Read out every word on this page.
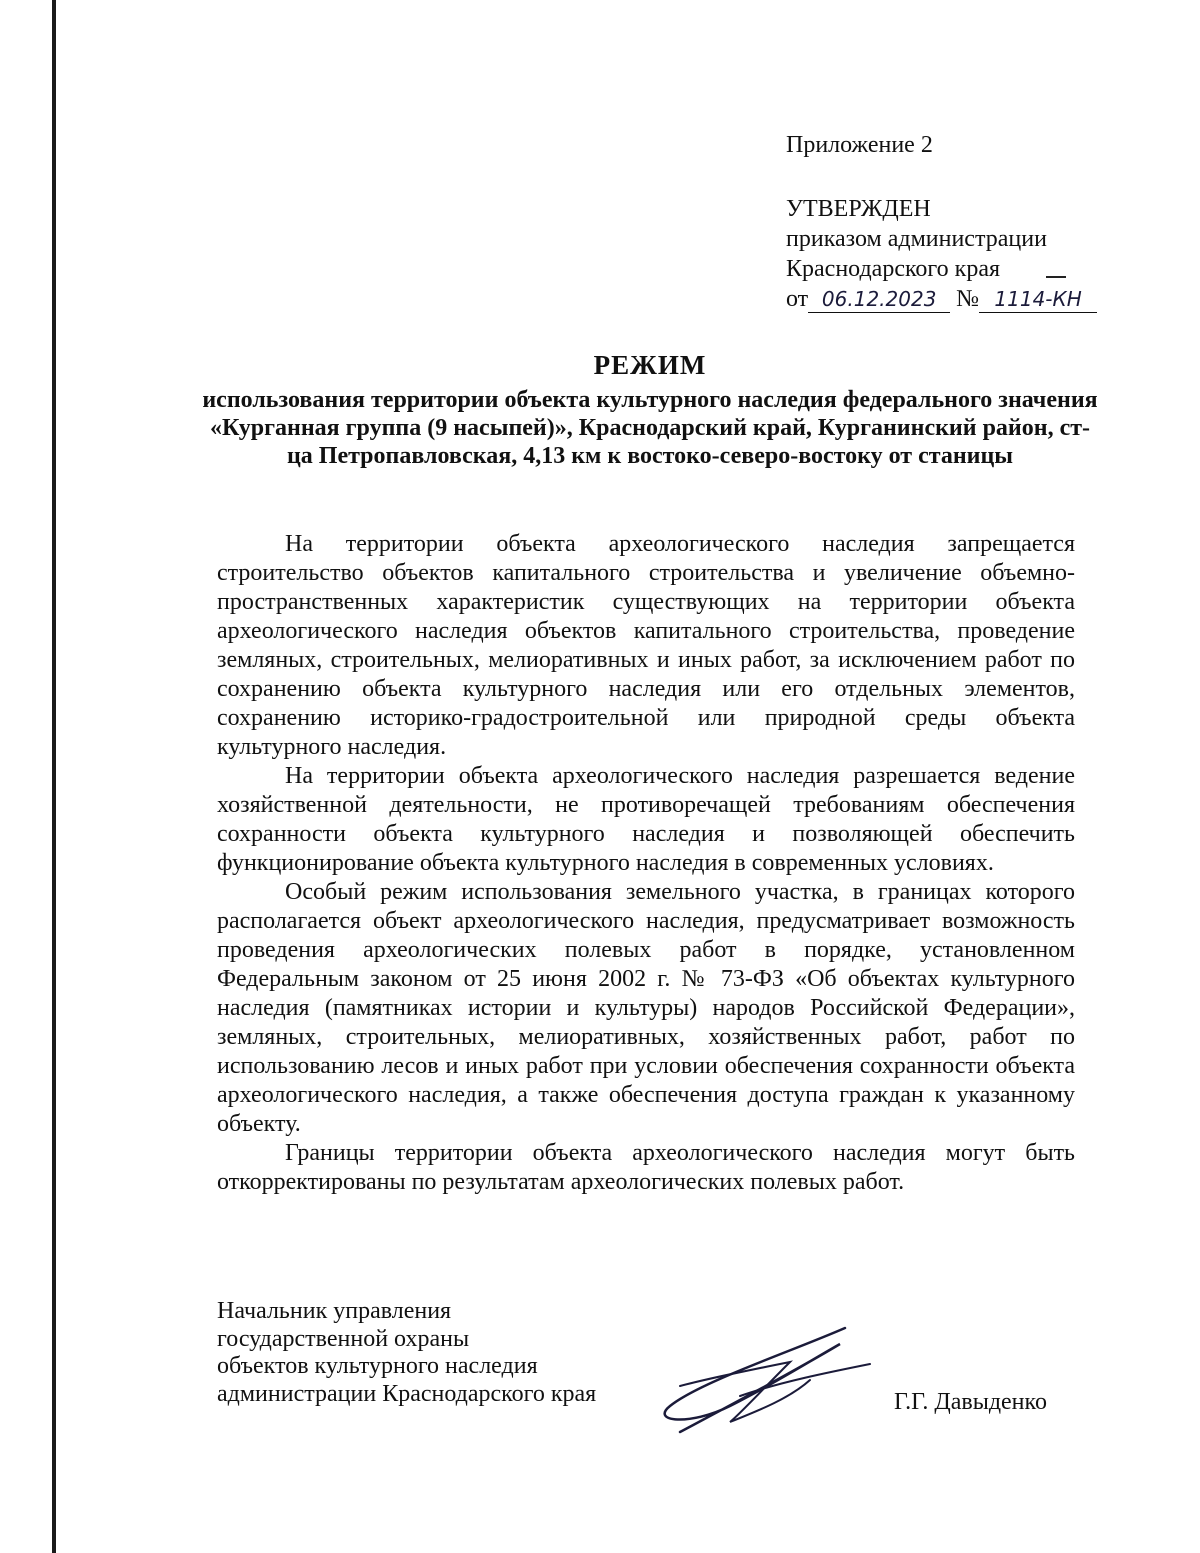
Приложение 2
УТВЕРЖДЕН
приказом администрации
Краснодарского края
от 06.12.2023 № 1114-КН
РЕЖИМ
использования территории объекта культурного наследия федерального значения «Курганная группа (9 насыпей)», Краснодарский край, Курганинский район, ст-ца Петропавловская, 4,13 км к востоко-северо-востоку от станицы

На территории объекта археологического наследия запрещается строительство объектов капитального строительства и увеличение объемно-пространственных характеристик существующих на территории объекта археологического наследия объектов капитального строительства, проведение земляных, строительных, мелиоративных и иных работ, за исключением работ по сохранению объекта культурного наследия или его отдельных элементов, сохранению историко-градостроительной или природной среды объекта культурного наследия.

На территории объекта археологического наследия разрешается ведение хозяйственной деятельности, не противоречащей требованиям обеспечения сохранности объекта культурного наследия и позволяющей обеспечить функционирование объекта культурного наследия в современных условиях.

Особый режим использования земельного участка, в границах которого располагается объект археологического наследия, предусматривает возможность проведения археологических полевых работ в порядке, установленном Федеральным законом от 25 июня 2002 г. № 73-ФЗ «Об объектах культурного наследия (памятниках истории и культуры) народов Российской Федерации», земляных, строительных, мелиоративных, хозяйственных работ, работ по использованию лесов и иных работ при условии обеспечения сохранности объекта археологического наследия, а также обеспечения доступа граждан к указанному объекту.

Границы территории объекта археологического наследия могут быть откорректированы по результатам археологических полевых работ.

Начальник управления
государственной охраны
объектов культурного наследия
администрации Краснодарского края	Г.Г. Давыденко
